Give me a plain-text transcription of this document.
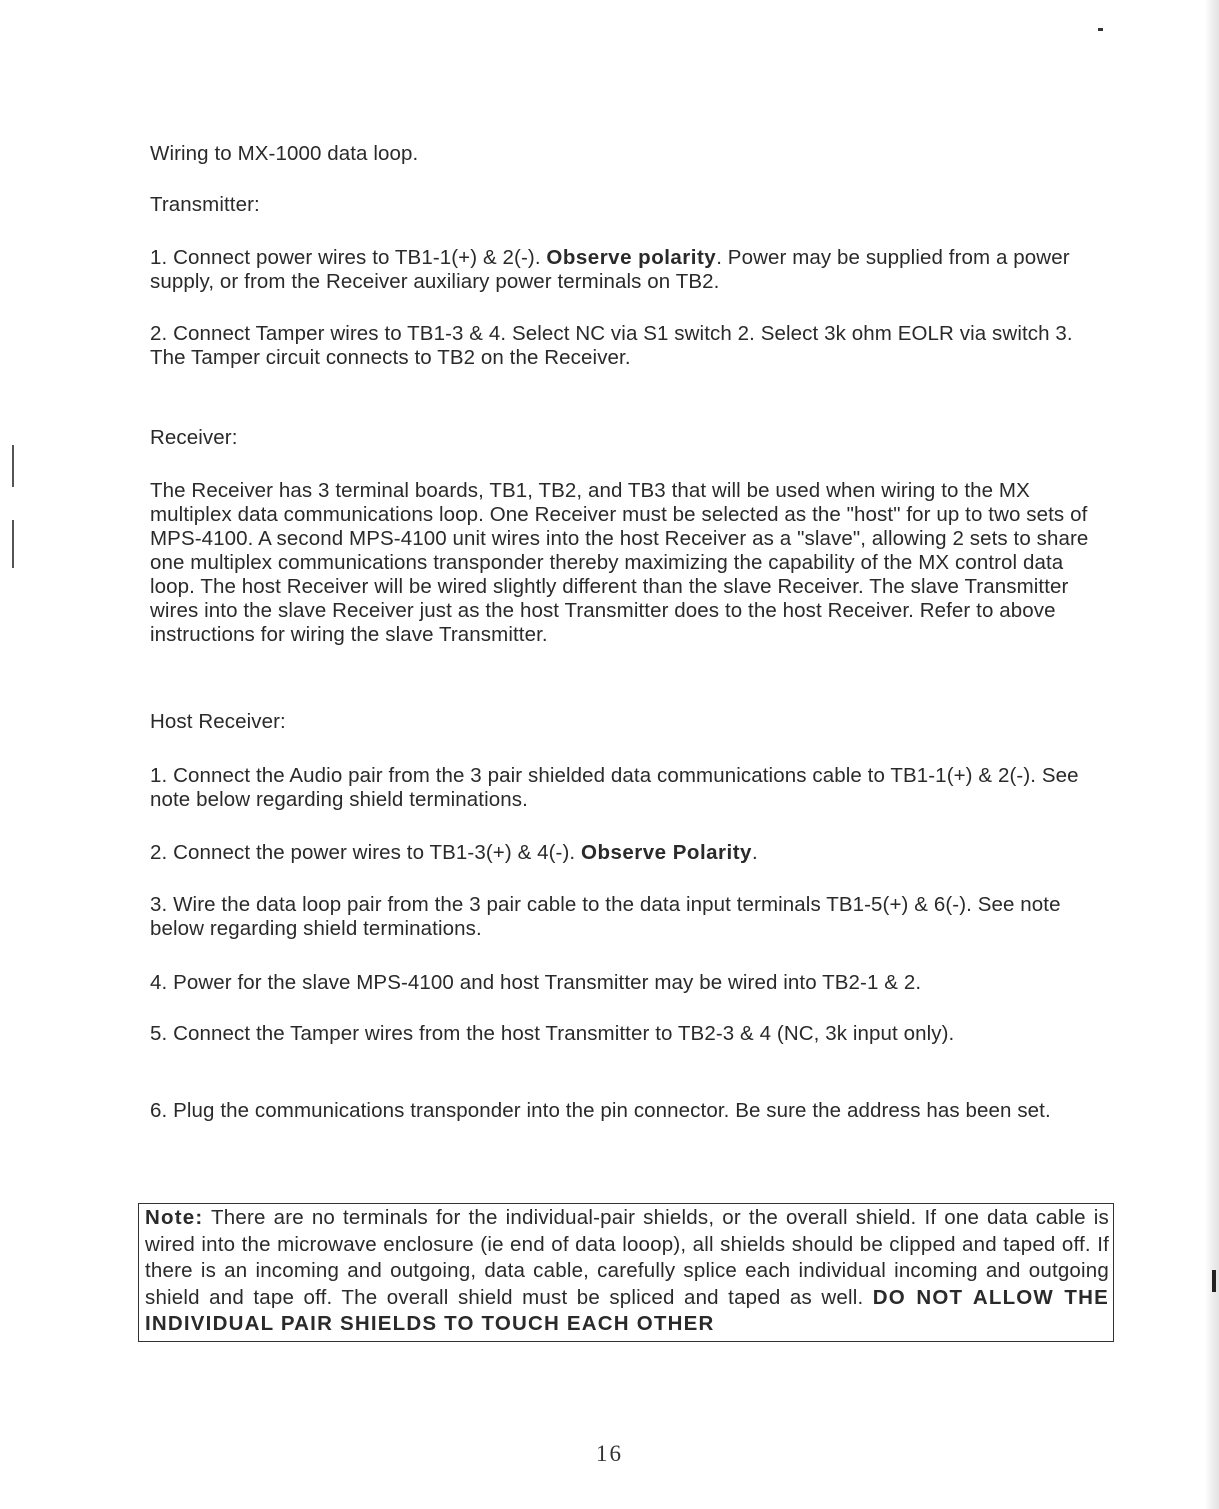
Wiring to MX-1000 data loop.

Transmitter:

1. Connect power wires to TB1-1(+) & 2(-). Observe polarity. Power may be supplied from a power supply, or from the Receiver auxiliary power terminals on TB2.

2. Connect Tamper wires to TB1-3 & 4. Select NC via S1 switch 2. Select 3k ohm EOLR via switch 3. The Tamper circuit connects to TB2 on the Receiver.

Receiver:

The Receiver has 3 terminal boards, TB1, TB2, and TB3 that will be used when wiring to the MX multiplex data communications loop. One Receiver must be selected as the "host" for up to two sets of MPS-4100. A second MPS-4100 unit wires into the host Receiver as a "slave", allowing 2 sets to share one multiplex communications transponder thereby maximizing the capability of the MX control data loop. The host Receiver will be wired slightly different than the slave Receiver. The slave Transmitter wires into the slave Receiver just as the host Transmitter does to the host Receiver. Refer to above instructions for wiring the slave Transmitter.

Host Receiver:

1. Connect the Audio pair from the 3 pair shielded data communications cable to TB1-1(+) & 2(-). See note below regarding shield terminations.

2. Connect the power wires to TB1-3(+) & 4(-). Observe Polarity.

3. Wire the data loop pair from the 3 pair cable to the data input terminals TB1-5(+) & 6(-). See note below regarding shield terminations.

4. Power for the slave MPS-4100 and host Transmitter may be wired into TB2-1 & 2.

5. Connect the Tamper wires from the host Transmitter to TB2-3 & 4 (NC, 3k input only).

6. Plug the communications transponder into the pin connector. Be sure the address has been set.

Note: There are no terminals for the individual-pair shields, or the overall shield. If one data cable is wired into the microwave enclosure (ie end of data looop), all shields should be clipped and taped off. If there is an incoming and outgoing, data cable, carefully splice each individual incoming and outgoing shield and tape off. The overall shield must be spliced and taped as well. DO NOT ALLOW THE INDIVIDUAL PAIR SHIELDS TO TOUCH EACH OTHER
16
